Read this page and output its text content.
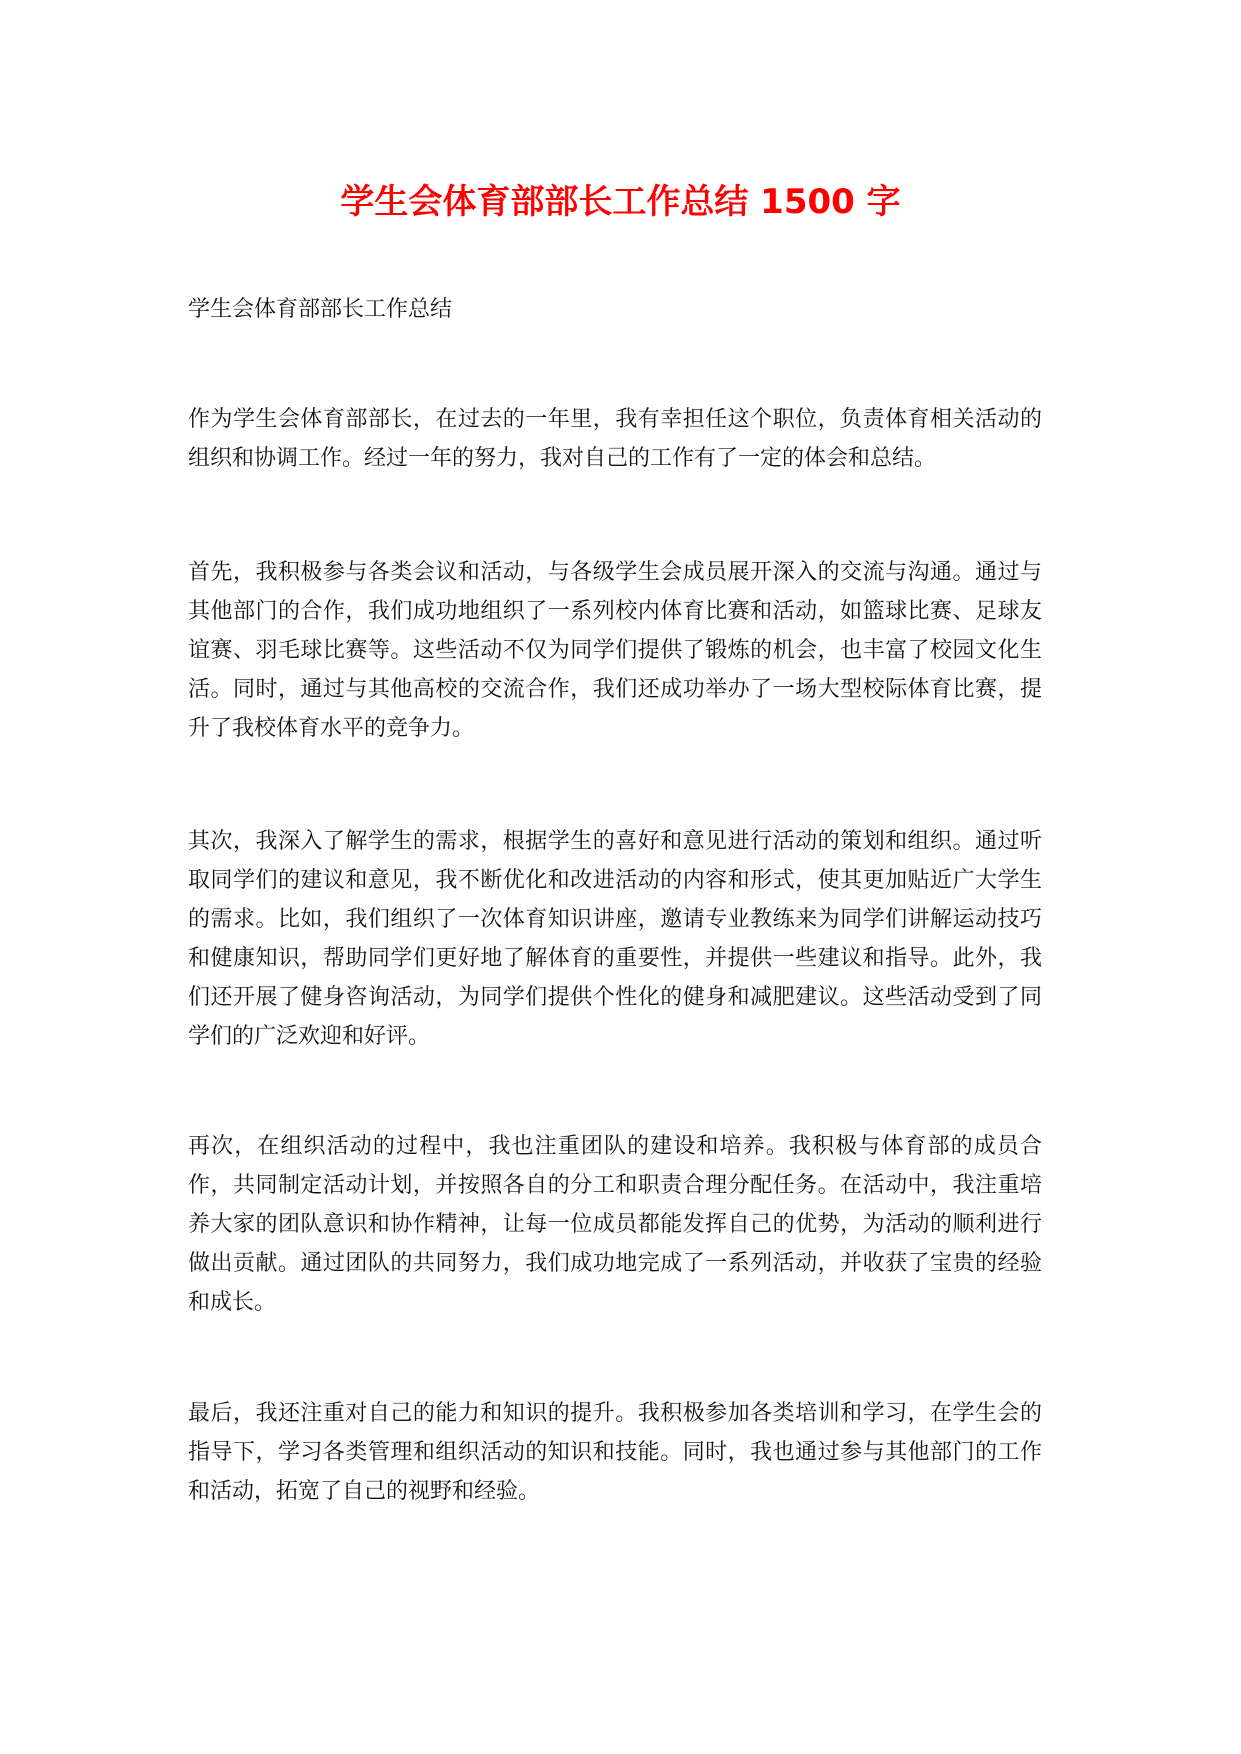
学生会体育部部长工作总结 1500 字

学生会体育部部长工作总结

作为学生会体育部部长，在过去的一年里，我有幸担任这个职位，负责体育相关活动的组织和协调工作。经过一年的努力，我对自己的工作有了一定的体会和总结。

首先，我积极参与各类会议和活动，与各级学生会成员展开深入的交流与沟通。通过与其他部门的合作，我们成功地组织了一系列校内体育比赛和活动，如篮球比赛、足球友谊赛、羽毛球比赛等。这些活动不仅为同学们提供了锻炼的机会，也丰富了校园文化生活。同时，通过与其他高校的交流合作，我们还成功举办了一场大型校际体育比赛，提升了我校体育水平的竞争力。

其次，我深入了解学生的需求，根据学生的喜好和意见进行活动的策划和组织。通过听取同学们的建议和意见，我不断优化和改进活动的内容和形式，使其更加贴近广大学生的需求。比如，我们组织了一次体育知识讲座，邀请专业教练来为同学们讲解运动技巧和健康知识，帮助同学们更好地了解体育的重要性，并提供一些建议和指导。此外，我们还开展了健身咨询活动，为同学们提供个性化的健身和减肥建议。这些活动受到了同学们的广泛欢迎和好评。

再次，在组织活动的过程中，我也注重团队的建设和培养。我积极与体育部的成员合作，共同制定活动计划，并按照各自的分工和职责合理分配任务。在活动中，我注重培养大家的团队意识和协作精神，让每一位成员都能发挥自己的优势，为活动的顺利进行做出贡献。通过团队的共同努力，我们成功地完成了一系列活动，并收获了宝贵的经验和成长。

最后，我还注重对自己的能力和知识的提升。我积极参加各类培训和学习，在学生会的指导下，学习各类管理和组织活动的知识和技能。同时，我也通过参与其他部门的工作和活动，拓宽了自己的视野和经验。
